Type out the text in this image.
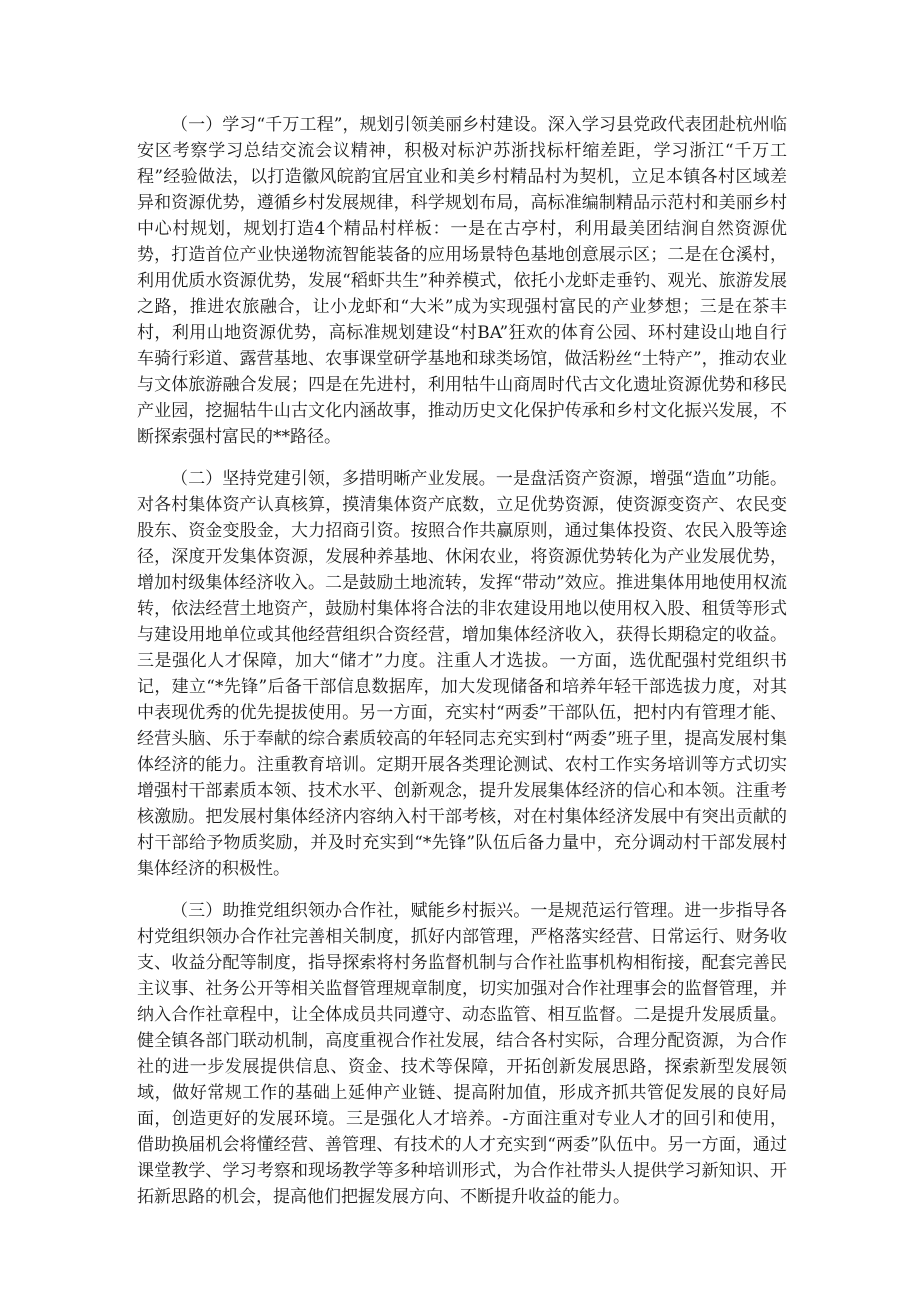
（一）学习“千万工程”，规划引领美丽乡村建设。深入学习县党政代表团赴杭州临安区考察学习总结交流会议精神，积极对标沪苏浙找标杆缩差距，学习浙江“千万工程”经验做法，以打造徽风皖韵宜居宜业和美乡村精品村为契机，立足本镇各村区域差异和资源优势，遵循乡村发展规律，科学规划布局，高标准编制精品示范村和美丽乡村中心村规划，规划打造4个精品村样板：一是在古亭村，利用最美团结涧自然资源优势，打造首位产业快递物流智能装备的应用场景特色基地创意展示区；二是在仓溪村，利用优质水资源优势，发展“稻虾共生”种养模式，依托小龙虾走垂钓、观光、旅游发展之路，推进农旅融合，让小龙虾和“大米”成为实现强村富民的产业梦想；三是在茶丰村，利用山地资源优势，高标准规划建设“村BA”狂欢的体育公园、环村建设山地自行车骑行彩道、露营基地、农事课堂研学基地和球类场馆，做活粉丝“土特产”，推动农业与文体旅游融合发展；四是在先进村，利用牯牛山商周时代古文化遗址资源优势和移民产业园，挖掘牯牛山古文化内涵故事，推动历史文化保护传承和乡村文化振兴发展，不断探索强村富民的**路径。

（二）坚持党建引领，多措明晰产业发展。一是盘活资产资源，增强“造血”功能。对各村集体资产认真核算，摸清集体资产底数，立足优势资源，使资源变资产、农民变股东、资金变股金，大力招商引资。按照合作共赢原则，通过集体投资、农民入股等途径，深度开发集体资源，发展种养基地、休闲农业，将资源优势转化为产业发展优势，增加村级集体经济收入。二是鼓励土地流转，发挥“带动”效应。推进集体用地使用权流转，依法经营土地资产，鼓励村集体将合法的非农建设用地以使用权入股、租赁等形式与建设用地单位或其他经营组织合资经营，增加集体经济收入，获得长期稳定的收益。三是强化人才保障，加大“储才”力度。注重人才选拔。一方面，选优配强村党组织书记，建立“*先锋”后备干部信息数据库，加大发现储备和培养年轻干部选拔力度，对其中表现优秀的优先提拔使用。另一方面，充实村“两委”干部队伍，把村内有管理才能、经营头脑、乐于奉献的综合素质较高的年轻同志充实到村“两委”班子里，提高发展村集体经济的能力。注重教育培训。定期开展各类理论测试、农村工作实务培训等方式切实增强村干部素质本领、技术水平、创新观念，提升发展集体经济的信心和本领。注重考核激励。把发展村集体经济内容纳入村干部考核，对在村集体经济发展中有突出贡献的村干部给予物质奖励，并及时充实到“*先锋”队伍后备力量中，充分调动村干部发展村集体经济的积极性。

（三）助推党组织领办合作社，赋能乡村振兴。一是规范运行管理。进一步指导各村党组织领办合作社完善相关制度，抓好内部管理，严格落实经营、日常运行、财务收支、收益分配等制度，指导探索将村务监督机制与合作社监事机构相衔接，配套完善民主议事、社务公开等相关监督管理规章制度，切实加强对合作社理事会的监督管理，并纳入合作社章程中，让全体成员共同遵守、动态监管、相互监督。二是提升发展质量。健全镇各部门联动机制，高度重视合作社发展，结合各村实际，合理分配资源，为合作社的进一步发展提供信息、资金、技术等保障，开拓创新发展思路，探索新型发展领域，做好常规工作的基础上延伸产业链、提高附加值，形成齐抓共管促发展的良好局面，创造更好的发展环境。三是强化人才培养。-方面注重对专业人才的回引和使用，借助换届机会将懂经营、善管理、有技术的人才充实到“两委”队伍中。另一方面，通过课堂教学、学习考察和现场教学等多种培训形式，为合作社带头人提供学习新知识、开拓新思路的机会，提高他们把握发展方向、不断提升收益的能力。
